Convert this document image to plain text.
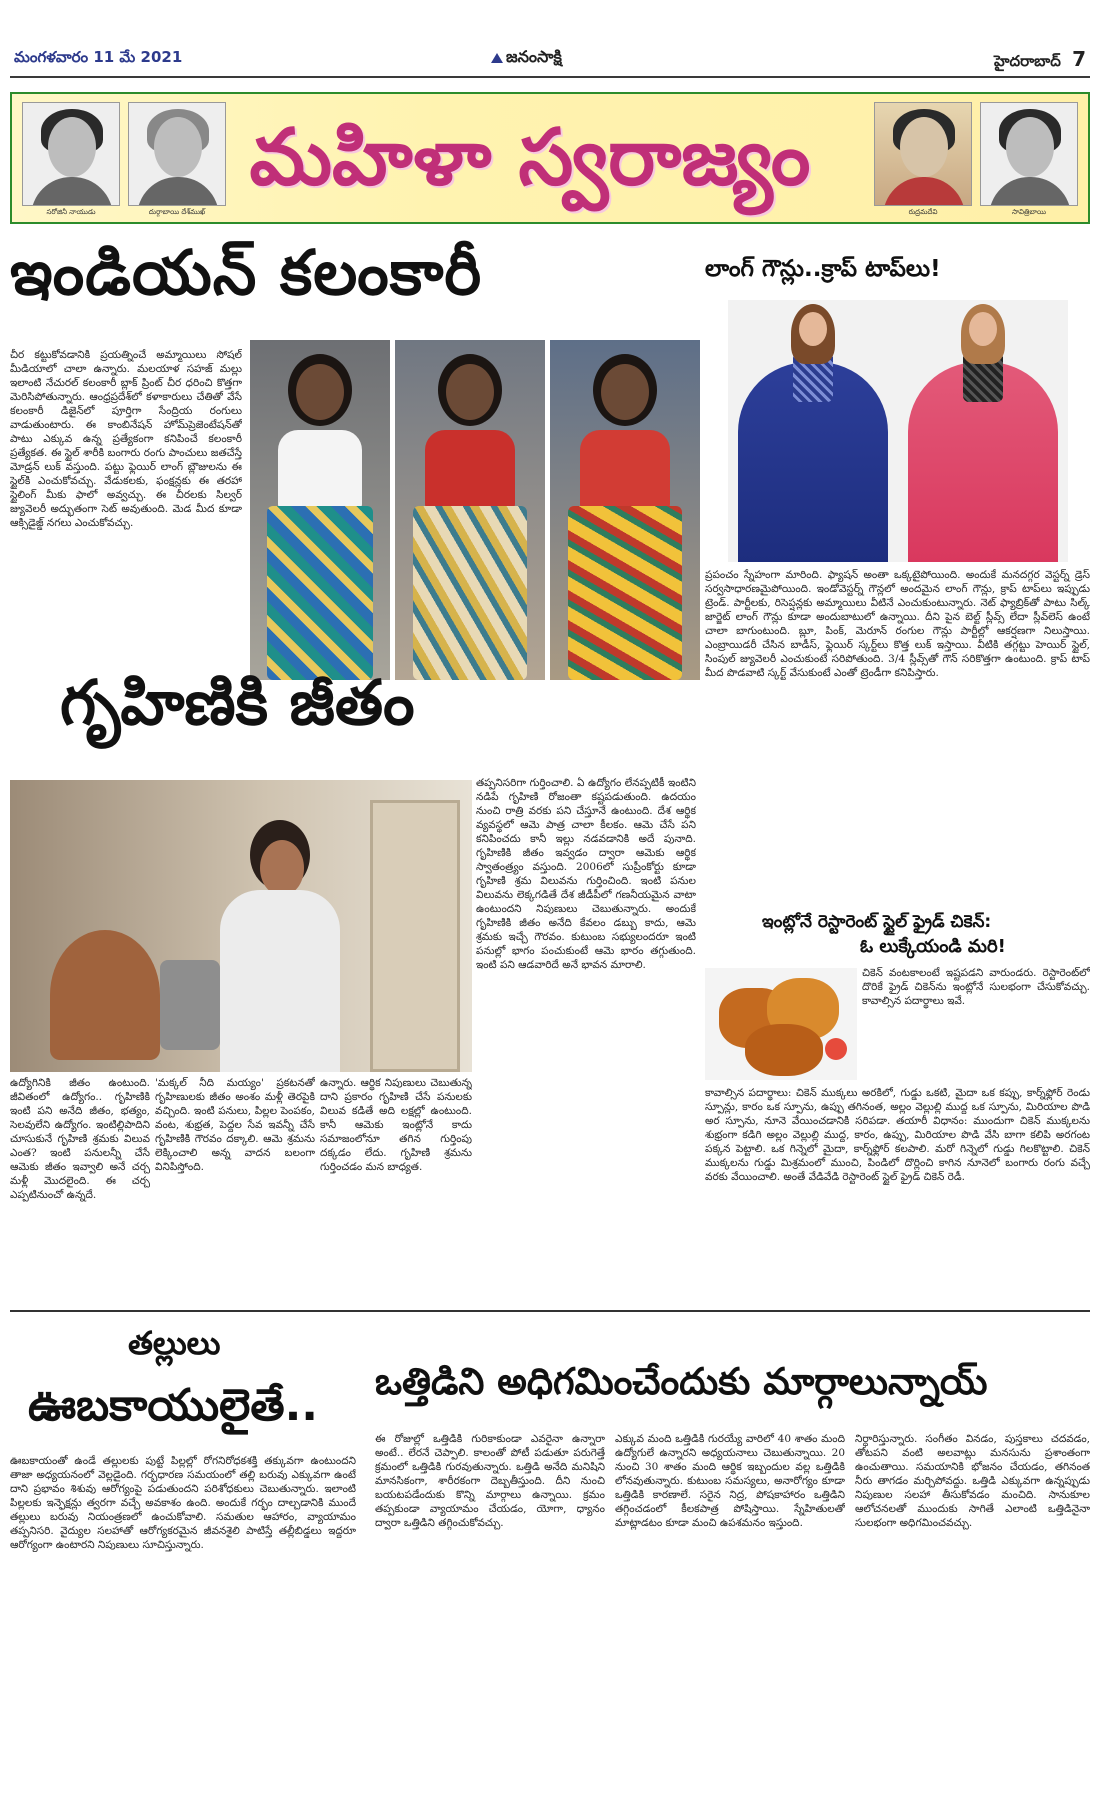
మంగళవారం 11 మే 2021	జనంసాక్షి	హైదరాబాద్ 7
సరోజినీ నాయుడు	దుర్గాబాయి దేశ్‌ముఖ్	రుద్రమదేవి	సావిత్రిబాయి
మహిళా స్వరాజ్యం
ఇండియన్ కలంకారీ
చీర కట్టుకోవడానికి ప్రయత్నించే అమ్మాయిలు సోషల్ మీడియాలో చాలా ఉన్నారు. మలయాళ సహజ్ మల్లు ఇలాంటి నేచురల్ కలంకారీ బ్లాక్ ప్రింట్ చీర ధరించి కొత్తగా మెరిసిపోతున్నారు. ఆంధ్రప్రదేశ్‌లో కళాకారులు చేతితో వేసే కలంకారీ డిజైన్‌లో పూర్తిగా సేంద్రియ రంగులు వాడుతుంటారు. ఈ కాంబినేషన్ హోమ్‌ప్రెజెంటేషన్‌తో పాటు ఎక్కువ ఉన్న ప్రత్యేకంగా కనిపించే కలంకారీ ప్రత్యేకత. ఈ స్టైల్ శారీకి బంగారు రంగు పాంచులు జతచేస్తే మోడ్రన్ లుక్ వస్తుంది. పట్టు ఫ్లెయిర్ లాంగ్ బ్లౌజులను ఈ స్టైల్‌కి ఎంచుకోవచ్చు. వేడుకలకు, ఫంక్షన్లకు ఈ తరహా స్టైలింగ్ మీకు ఫాలో అవ్వచ్చు. ఈ చీరలకు సిల్వర్ జ్యువెలరీ అద్భుతంగా సెట్ అవుతుంది. మెడ మీద కూడా ఆక్సిడైజ్డ్ నగలు ఎంచుకోవచ్చు.
లాంగ్ గౌన్లు..క్రాప్ టాప్‌లు!
ప్రపంచం స్నేహంగా మారింది. ఫ్యాషన్ అంతా ఒక్కటైపోయింది. అందుకే మనదగ్గర వెస్టర్న్ డ్రెస్ సర్వసాధారణమైపోయింది. ఇండోవెస్టర్న్ గౌన్లలో అందమైన లాంగ్ గౌన్లు, క్రాప్ టాప్‌లు ఇప్పుడు ట్రెండ్. పార్టీలకు, రిసెప్షన్లకు అమ్మాయిలు వీటినే ఎంచుకుంటున్నారు. నెట్ ఫ్యాబ్రిక్‌తో పాటు సిల్క్ జార్జెట్ లాంగ్ గౌన్లు కూడా అందుబాటులో ఉన్నాయి. దీని పైన బెల్ట్ స్లీవ్స్ లేదా స్లీవ్‌లెస్ ఉంటే చాలా బాగుంటుంది. బ్లూ, పింక్, మెరూన్ రంగుల గౌన్లు పార్టీల్లో ఆకర్షణగా నిలుస్తాయి. ఎంబ్రాయిడరీ చేసిన బాడీస్, ఫ్లెయిర్ స్కర్ట్‌లు కొత్త లుక్ ఇస్తాయి. వీటికి తగ్గట్టు హెయిర్ స్టైల్, సింపుల్ జ్యువెలరీ ఎంచుకుంటే సరిపోతుంది. 3/4 స్లీవ్స్‌తో గౌన్ సరికొత్తగా ఉంటుంది. క్రాప్ టాప్ మీద పొడవాటి స్కర్ట్ వేసుకుంటే ఎంతో ట్రెండీగా కనిపిస్తారు.
గృహిణికి జీతం
ఉద్యోగినికి జీతం ఉంటుంది. జీవితంలో ఉద్యోగం.. గృహిణికి ఇంటి పని అనేది జీతం, భత్యం, సెలవులేని ఉద్యోగం. ఇంటిల్లిపాదిని చూసుకునే గృహిణి శ్రమకు విలువ ఎంత? ఇంటి పనులన్నీ చేసే ఆమెకు జీతం ఇవ్వాలి అనే చర్చ మళ్లీ మొదలైంది. ఈ చర్చ ఎప్పటినుంచో ఉన్నదే.
'మక్కల్ నీది మయ్యం' ప్రకటనతో గృహిణులకు జీతం అంశం మళ్లీ తెరపైకి వచ్చింది. ఇంటి పనులు, పిల్లల పెంపకం, వంట, శుభ్రత, పెద్దల సేవ ఇవన్నీ చేసే గృహిణికి గౌరవం దక్కాలి. ఆమె శ్రమను లెక్కించాలి అన్న వాదన బలంగా వినిపిస్తోంది.
ఉన్నారు. ఆర్థిక నిపుణులు చెబుతున్న దాని ప్రకారం గృహిణి చేసే పనులకు విలువ కడితే అది లక్షల్లో ఉంటుంది. కానీ ఆమెకు ఇంట్లోనే కాదు సమాజంలోనూ తగిన గుర్తింపు దక్కడం లేదు. గృహిణి శ్రమను గుర్తించడం మన బాధ్యత.
తప్పనిసరిగా గుర్తించాలి. ఏ ఉద్యోగం లేనప్పటికీ ఇంటిని నడిపే గృహిణి రోజంతా కష్టపడుతుంది. ఉదయం నుంచి రాత్రి వరకు పని చేస్తూనే ఉంటుంది. దేశ ఆర్థిక వ్యవస్థలో ఆమె పాత్ర చాలా కీలకం. ఆమె చేసే పని కనిపించదు కానీ ఇల్లు నడవడానికి అదే పునాది. గృహిణికి జీతం ఇవ్వడం ద్వారా ఆమెకు ఆర్థిక స్వాతంత్ర్యం వస్తుంది. 2006లో సుప్రీంకోర్టు కూడా గృహిణి శ్రమ విలువను గుర్తించింది. ఇంటి పనుల విలువను లెక్కగడితే దేశ జీడీపీలో గణనీయమైన వాటా ఉంటుందని నిపుణులు చెబుతున్నారు. అందుకే గృహిణికి జీతం అనేది కేవలం డబ్బు కాదు, ఆమె శ్రమకు ఇచ్చే గౌరవం. కుటుంబ సభ్యులందరూ ఇంటి పనుల్లో భాగం పంచుకుంటే ఆమె భారం తగ్గుతుంది. ఇంటి పని ఆడవారిదే అనే భావన మారాలి.
ఇంట్లోనే రెస్టారెంట్ స్టైల్ ఫ్రైడ్ చికెన్:
ఓ లుక్కేయండి మరి!
చికెన్ వంటకాలంటే ఇష్టపడని వారుండరు. రెస్టారెంట్‌లో దొరికే ఫ్రైడ్ చికెన్‌ను ఇంట్లోనే సులభంగా చేసుకోవచ్చు. కావాల్సిన పదార్థాలు ఇవే.
కావాల్సిన పదార్థాలు: చికెన్ ముక్కలు అరకిలో, గుడ్డు ఒకటి, మైదా ఒక కప్పు, కార్న్‌ఫ్లోర్ రెండు స్పూన్లు, కారం ఒక స్పూను, ఉప్పు తగినంత, అల్లం వెల్లుల్లి ముద్ద ఒక స్పూను, మిరియాల పొడి అర స్పూను, నూనె వేయించడానికి సరిపడా. తయారీ విధానం: ముందుగా చికెన్ ముక్కలను శుభ్రంగా కడిగి అల్లం వెల్లుల్లి ముద్ద, కారం, ఉప్పు, మిరియాల పొడి వేసి బాగా కలిపి అరగంట పక్కన పెట్టాలి. ఒక గిన్నెలో మైదా, కార్న్‌ఫ్లోర్ కలపాలి. మరో గిన్నెలో గుడ్డు గిలకొట్టాలి. చికెన్ ముక్కలను గుడ్డు మిశ్రమంలో ముంచి, పిండిలో దొర్లించి కాగిన నూనెలో బంగారు రంగు వచ్చే వరకు వేయించాలి. అంతే వేడివేడి రెస్టారెంట్ స్టైల్ ఫ్రైడ్ చికెన్ రెడీ.
తల్లులు
ఊబకాయులైతే..
ఊబకాయంతో ఉండే తల్లులకు పుట్టే పిల్లల్లో రోగనిరోధకశక్తి తక్కువగా ఉంటుందని తాజా అధ్యయనంలో వెల్లడైంది. గర్భధారణ సమయంలో తల్లి బరువు ఎక్కువగా ఉంటే దాని ప్రభావం శిశువు ఆరోగ్యంపై పడుతుందని పరిశోధకులు చెబుతున్నారు. ఇలాంటి పిల్లలకు ఇన్ఫెక్షన్లు త్వరగా వచ్చే అవకాశం ఉంది. అందుకే గర్భం దాల్చడానికి ముందే తల్లులు బరువు నియంత్రణలో ఉంచుకోవాలి. సమతుల ఆహారం, వ్యాయామం తప్పనిసరి. వైద్యుల సలహాతో ఆరోగ్యకరమైన జీవనశైలి పాటిస్తే తల్లీబిడ్డలు ఇద్దరూ ఆరోగ్యంగా ఉంటారని నిపుణులు సూచిస్తున్నారు.
ఒత్తిడిని అధిగమించేందుకు మార్గాలున్నాయ్
ఈ రోజుల్లో ఒత్తిడికి గురికాకుండా ఎవరైనా ఉన్నారా అంటే.. లేరనే చెప్పాలి. కాలంతో పోటీ పడుతూ పరుగెత్తే క్రమంలో ఒత్తిడికి గురవుతున్నారు. ఒత్తిడి అనేది మనిషిని మానసికంగా, శారీరకంగా దెబ్బతీస్తుంది. దీని నుంచి బయటపడేందుకు కొన్ని మార్గాలు ఉన్నాయి. క్రమం తప్పకుండా వ్యాయామం చేయడం, యోగా, ధ్యానం ద్వారా ఒత్తిడిని తగ్గించుకోవచ్చు.
ఎక్కువ మంది ఒత్తిడికి గురయ్యే వారిలో 40 శాతం మంది ఉద్యోగులే ఉన్నారని అధ్యయనాలు చెబుతున్నాయి. 20 నుంచి 30 శాతం మంది ఆర్థిక ఇబ్బందుల వల్ల ఒత్తిడికి లోనవుతున్నారు. కుటుంబ సమస్యలు, అనారోగ్యం కూడా ఒత్తిడికి కారణాలే. సరైన నిద్ర, పోషకాహారం ఒత్తిడిని తగ్గించడంలో కీలకపాత్ర పోషిస్తాయి. స్నేహితులతో మాట్లాడటం కూడా మంచి ఉపశమనం ఇస్తుంది.
నిర్ధారిస్తున్నారు. సంగీతం వినడం, పుస్తకాలు చదవడం, తోటపని వంటి అలవాట్లు మనసును ప్రశాంతంగా ఉంచుతాయి. సమయానికి భోజనం చేయడం, తగినంత నీరు తాగడం మర్చిపోవద్దు. ఒత్తిడి ఎక్కువగా ఉన్నప్పుడు నిపుణుల సలహా తీసుకోవడం మంచిది. సానుకూల ఆలోచనలతో ముందుకు సాగితే ఎలాంటి ఒత్తిడినైనా సులభంగా అధిగమించవచ్చు.
